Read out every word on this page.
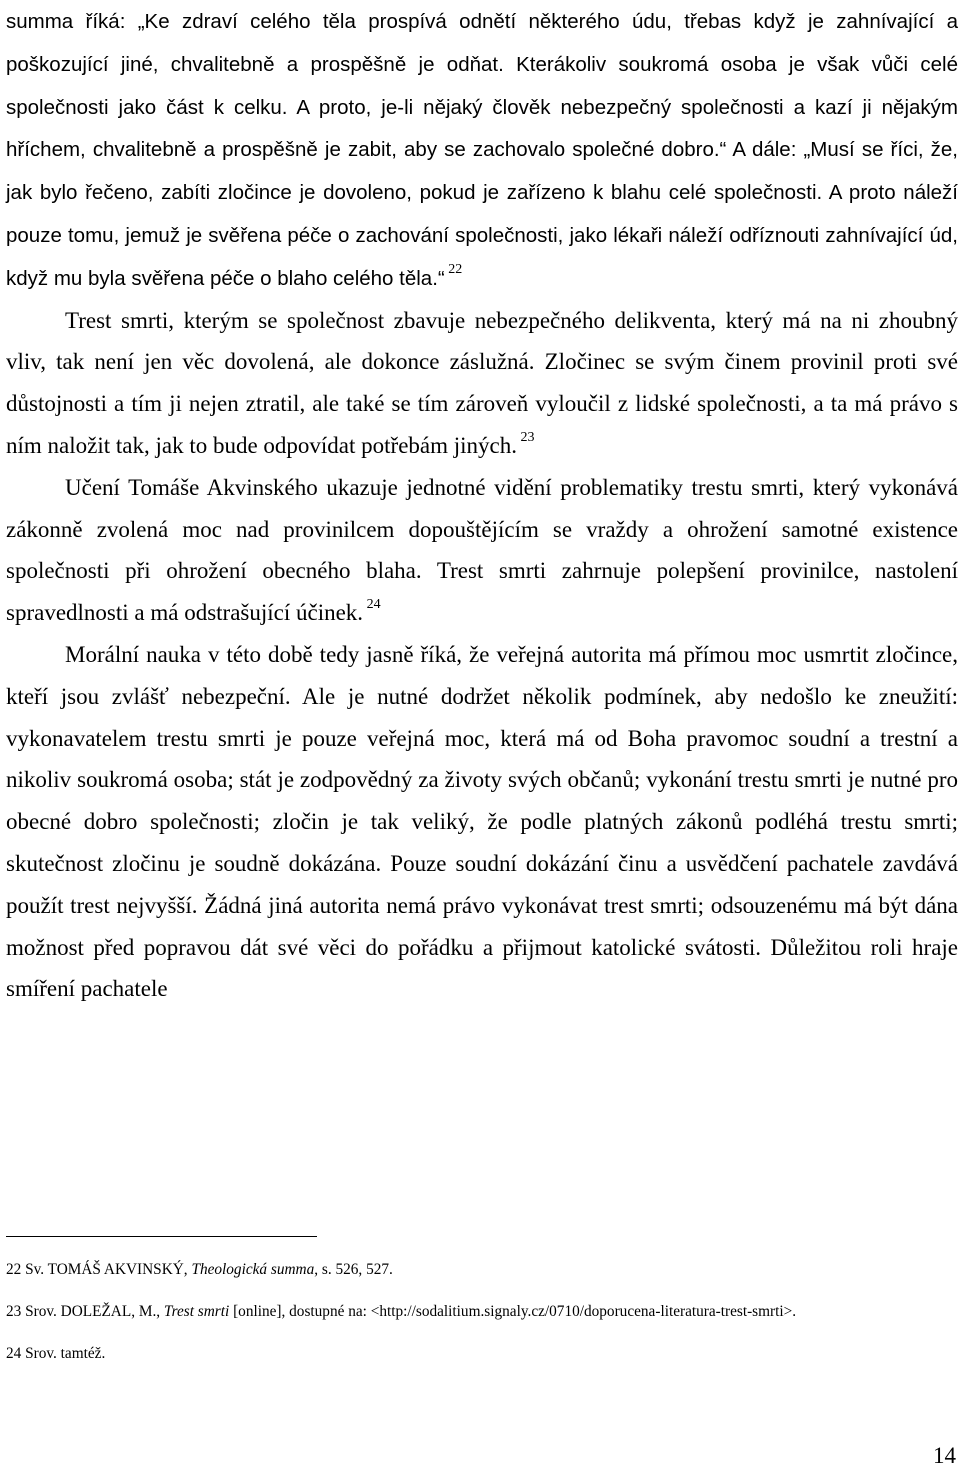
summa říká: „Ke zdraví celého těla prospívá odnětí některého údu, třebas když je zahnívající a poškozující jiné, chvalitebně a prospěšně je odňat. Kterákoliv soukromá osoba je však vůči celé společnosti jako část k celku. A proto, je-li nějaký člověk nebezpečný společnosti a kazí ji nějakým hříchem, chvalitebně a prospěšně je zabit, aby se zachovalo společné dobro.“ A dále: „Musí se říci, že, jak bylo řečeno, zabíti zločince je dovoleno, pokud je zařízeno k blahu celé společnosti. A proto náleží pouze tomu, jemuž je svěřena péče o zachování společnosti, jako lékaři náleží odříznouti zahnívající úd, když mu byla svěřena péče o blaho celého těla.“ $^{22}$

Trest smrti, kterým se společnost zbavuje nebezpečného delikventa, který má na ni zhoubný vliv, tak není jen věc dovolená, ale dokonce záslužná. Zločinec se svým činem provinil proti své důstojnosti a tím ji nejen ztratil, ale také se tím zároveň vyloučil z lidské společnosti, a ta má právo s ním naložit tak, jak to bude odpovídat potřebám jiných. $^{23}$

Učení Tomáše Akvinského ukazuje jednotné vidění problematiky trestu smrti, který vykonává zákonně zvolená moc nad provinilcem dopouštějícím se vraždy a ohrožení samotné existence společnosti při ohrožení obecného blaha. Trest smrti zahrnuje polepšení provinilce, nastolení spravedlnosti a má odstrašující účinek. $^{24}$

Morální nauka v této době tedy jasně říká, že veřejná autorita má přímou moc usmrtit zločince, kteří jsou zvlášť nebezpeční. Ale je nutné dodržet několik podmínek, aby nedošlo ke zneužití: vykonavatelem trestu smrti je pouze veřejná moc, která má od Boha pravomoc soudní a trestní a nikoliv soukromá osoba; stát je zodpovědný za životy svých občanů; vykonání trestu smrti je nutné pro obecné dobro společnosti; zločin je tak veliký, že podle platných zákonů podléhá trestu smrti; skutečnost zločinu je soudně dokázána. Pouze soudní dokázání činu a usvědčení pachatele zavdává použít trest nejvyšší. Žádná jiná autorita nemá právo vykonávat trest smrti; odsouzenému má být dána možnost před popravou dát své věci do pořádku a přijmout katolické svátosti. Důležitou roli hraje smíření pachatele

22 Sv. TOMÁŠ AKVINSKÝ, Theologická summa, s. 526, 527.
23 Srov. DOLEŽAL, M., Trest smrti [online], dostupné na: <http://sodalitium.signaly.cz/0710/doporucena-literatura-trest-smrti>.
24 Srov. tamtéž.
14
